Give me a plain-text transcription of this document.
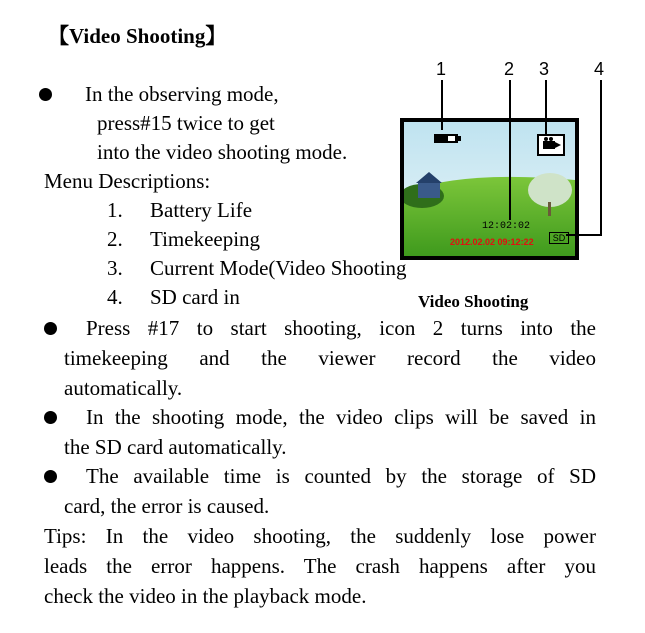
【Video Shooting】
In the observing mode,
press#15 twice to get
into the video shooting mode.
Menu Descriptions:
1. Battery Life
2. Timekeeping
3. Current Mode(Video Shooting
4. SD card in
1	2 3 4
12:02:02
2012.02.02 09:12:22	SD
Video Shooting
Press #17 to start shooting, icon 2 turns into the
timekeeping and the viewer record the video
automatically.
In the shooting mode, the video clips will be saved in
the SD card automatically.
The available time is counted by the storage of SD
card, the error is caused.
Tips: In the video shooting, the suddenly lose power
leads the error happens. The crash happens after you
check the video in the playback mode.
